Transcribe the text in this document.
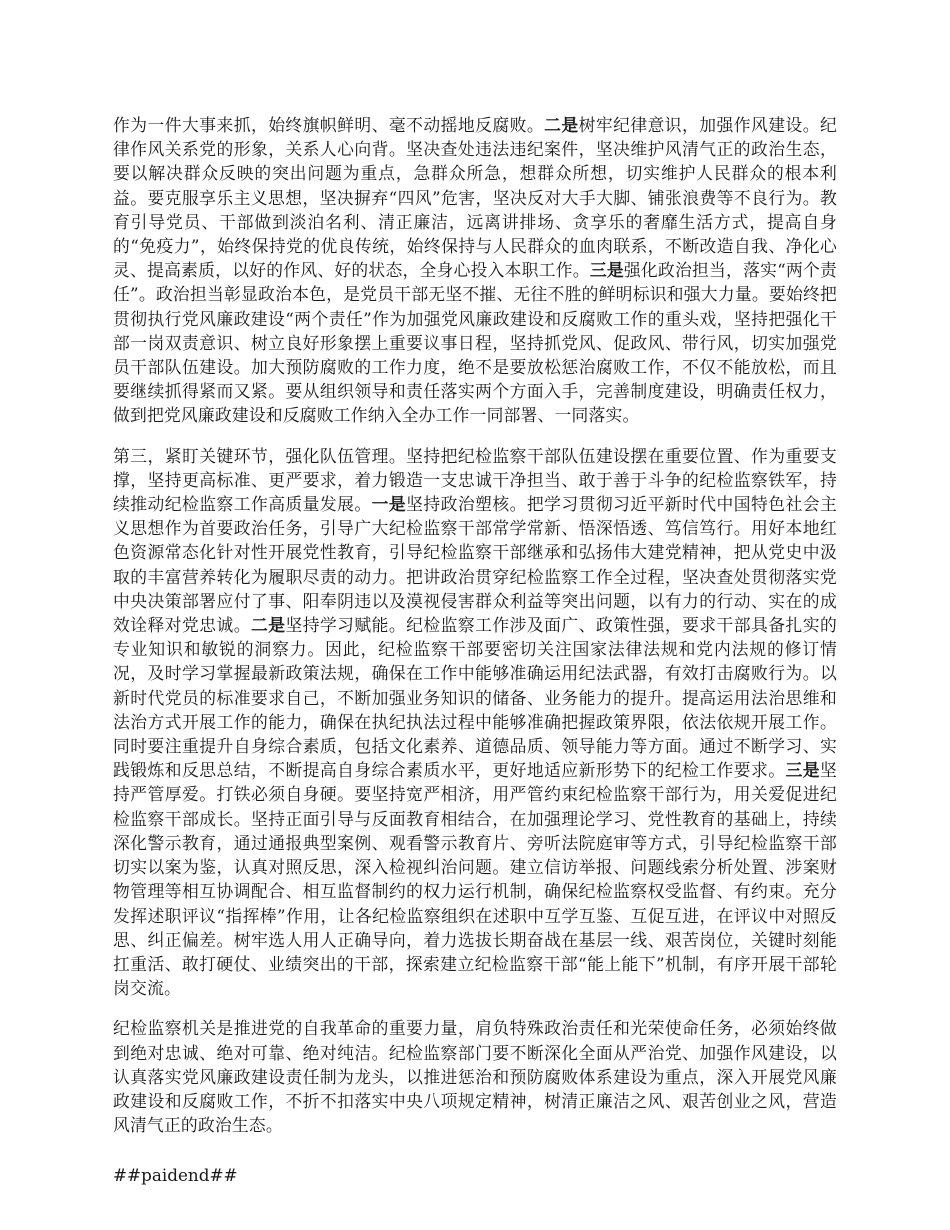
作为一件大事来抓，始终旗帜鲜明、毫不动摇地反腐败。二是树牢纪律意识，加强作风建设。纪律作风关系党的形象，关系人心向背。坚决查处违法违纪案件，坚决维护风清气正的政治生态，要以解决群众反映的突出问题为重点，急群众所急，想群众所想，切实维护人民群众的根本利益。要克服享乐主义思想，坚决摒弃“四风”危害，坚决反对大手大脚、铺张浪费等不良行为。教育引导党员、干部做到淡泊名利、清正廉洁，远离讲排场、贪享乐的奢靡生活方式，提高自身的“免疫力”，始终保持党的优良传统，始终保持与人民群众的血肉联系，不断改造自我、净化心灵、提高素质，以好的作风、好的状态，全身心投入本职工作。三是强化政治担当，落实“两个责任”。政治担当彰显政治本色，是党员干部无坚不摧、无往不胜的鲜明标识和强大力量。要始终把贯彻执行党风廉政建设“两个责任”作为加强党风廉政建设和反腐败工作的重头戏，坚持把强化干部一岗双责意识、树立良好形象摆上重要议事日程，坚持抓党风、促政风、带行风，切实加强党员干部队伍建设。加大预防腐败的工作力度，绝不是要放松惩治腐败工作，不仅不能放松，而且要继续抓得紧而又紧。要从组织领导和责任落实两个方面入手，完善制度建设，明确责任权力，做到把党风廉政建设和反腐败工作纳入全办工作一同部署、一同落实。

第三，紧盯关键环节，强化队伍管理。坚持把纪检监察干部队伍建设摆在重要位置、作为重要支撑，坚持更高标准、更严要求，着力锻造一支忠诚干净担当、敢于善于斗争的纪检监察铁军，持续推动纪检监察工作高质量发展。一是坚持政治塑核。把学习贯彻习近平新时代中国特色社会主义思想作为首要政治任务，引导广大纪检监察干部常学常新、悟深悟透、笃信笃行。用好本地红色资源常态化针对性开展党性教育，引导纪检监察干部继承和弘扬伟大建党精神，把从党史中汲取的丰富营养转化为履职尽责的动力。把讲政治贯穿纪检监察工作全过程，坚决查处贯彻落实党中央决策部署应付了事、阳奉阴违以及漠视侵害群众利益等突出问题，以有力的行动、实在的成效诠释对党忠诚。二是坚持学习赋能。纪检监察工作涉及面广、政策性强，要求干部具备扎实的专业知识和敏锐的洞察力。因此，纪检监察干部要密切关注国家法律法规和党内法规的修订情况，及时学习掌握最新政策法规，确保在工作中能够准确运用纪法武器，有效打击腐败行为。以新时代党员的标准要求自己，不断加强业务知识的储备、业务能力的提升。提高运用法治思维和法治方式开展工作的能力，确保在执纪执法过程中能够准确把握政策界限，依法依规开展工作。同时要注重提升自身综合素质，包括文化素养、道德品质、领导能力等方面。通过不断学习、实践锻炼和反思总结，不断提高自身综合素质水平，更好地适应新形势下的纪检工作要求。三是坚持严管厚爱。打铁必须自身硬。要坚持宽严相济，用严管约束纪检监察干部行为，用关爱促进纪检监察干部成长。坚持正面引导与反面教育相结合，在加强理论学习、党性教育的基础上，持续深化警示教育，通过通报典型案例、观看警示教育片、旁听法院庭审等方式，引导纪检监察干部切实以案为鉴，认真对照反思，深入检视纠治问题。建立信访举报、问题线索分析处置、涉案财物管理等相互协调配合、相互监督制约的权力运行机制，确保纪检监察权受监督、有约束。充分发挥述职评议“指挥棒”作用，让各纪检监察组织在述职中互学互鉴、互促互进，在评议中对照反思、纠正偏差。树牢选人用人正确导向，着力选拔长期奋战在基层一线、艰苦岗位，关键时刻能扛重活、敢打硬仗、业绩突出的干部，探索建立纪检监察干部“能上能下”机制，有序开展干部轮岗交流。

纪检监察机关是推进党的自我革命的重要力量，肩负特殊政治责任和光荣使命任务，必须始终做到绝对忠诚、绝对可靠、绝对纯洁。纪检监察部门要不断深化全面从严治党、加强作风建设，以认真落实党风廉政建设责任制为龙头，以推进惩治和预防腐败体系建设为重点，深入开展党风廉政建设和反腐败工作，不折不扣落实中央八项规定精神，树清正廉洁之风、艰苦创业之风，营造风清气正的政治生态。

##paidend##
